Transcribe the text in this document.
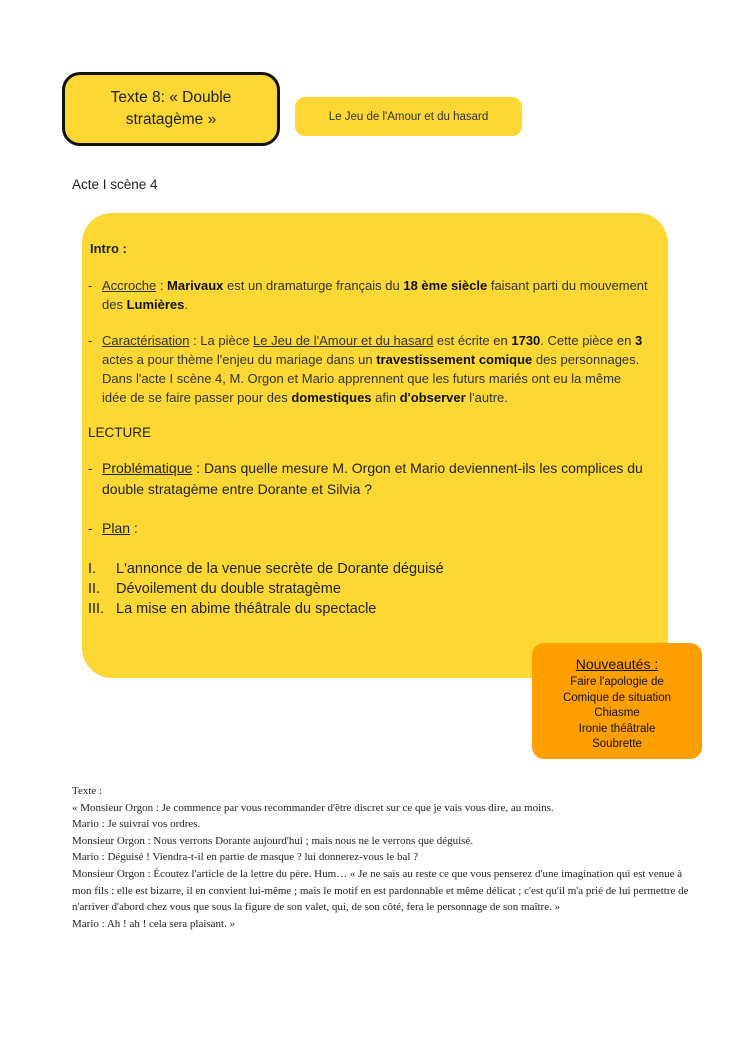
Texte 8: « Double
stratagème »	Le Jeu de l'Amour et du hasard
Acte I scène 4
Intro :
- Accroche : Marivaux est un dramaturge français du 18 ème siècle faisant parti du mouvement des Lumières.
- Caractérisation : La pièce Le Jeu de l'Amour et du hasard est écrite en 1730. Cette pièce en 3 actes a pour thème l'enjeu du mariage dans un travestissement comique des personnages. Dans l'acte I scène 4, M. Orgon et Mario apprennent que les futurs mariés ont eu la même idée de se faire passer pour des domestiques afin d'observer l'autre.
LECTURE
- Problématique : Dans quelle mesure M. Orgon et Mario deviennent-ils les complices du double stratagème entre Dorante et Silvia ?
- Plan :
I.	L'annonce de la venue secrète de Dorante déguisé
II.	Dévoilement du double stratagème
III. La mise en abime théâtrale du spectacle
Nouveautés :
Faire l'apologie de
Comique de situation
Chiasme
Ironie théâtrale
Soubrette

Texte :

« Monsieur Orgon : Je commence par vous recommander d'être discret sur ce que je vais vous dire, au moins.

Mario : Je suivrai vos ordres.

Monsieur Orgon : Nous verrons Dorante aujourd'hui ; mais nous ne le verrons que déguisé.

Mario : Déguisé ! Viendra-t-il en partie de masque ? lui donnerez-vous le bal ?

Monsieur Orgon : Écoutez l'article de la lettre du père. Hum… « Je ne sais au reste ce que vous penserez d'une imagination qui est venue à mon fils : elle est bizarre, il en convient lui-même ; mais le motif en est pardonnable et même délicat ; c'est qu'il m'a prié de lui permettre de n'arriver d'abord chez vous que sous la figure de son valet, qui, de son côté, fera le personnage de son maître. »

Mario : Ah ! ah ! cela sera plaisant. »
